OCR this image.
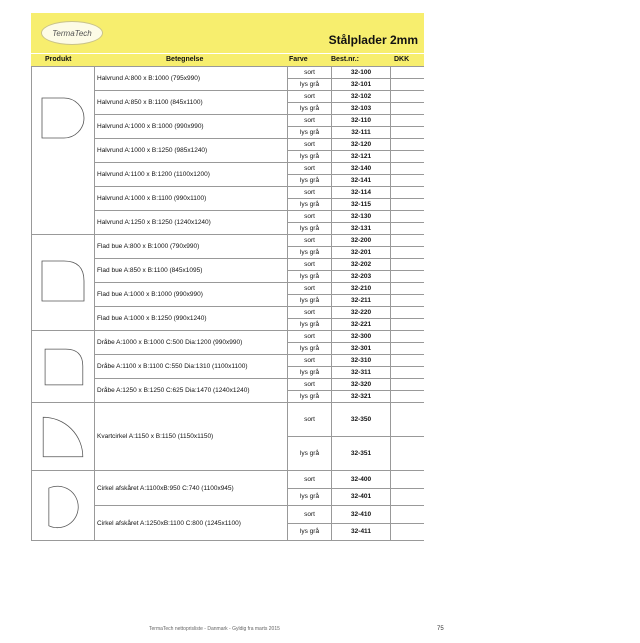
TermaTech	Stålplader 2mm
Produkt	Betegnelse	Farve	Best.nr.:	DKK
	Halvrund A:800 x B:1000 (795x990)	sort	32-100	
		lys grå	32-101	
	Halvrund A:850 x B:1100 (845x1100)	sort	32-102	
		lys grå	32-103	
	Halvrund A:1000 x B:1000 (990x990)	sort	32-110	
		lys grå	32-111	
	Halvrund A:1000 x B:1250 (985x1240)	sort	32-120	
		lys grå	32-121	
	Halvrund A:1100 x B:1200 (1100x1200)	sort	32-140	
		lys grå	32-141	
	Halvrund A:1000 x B:1100 (990x1100)	sort	32-114	
		lys grå	32-115	
	Halvrund A:1250 x B:1250 (1240x1240)	sort	32-130	
		lys grå	32-131	

	Flad bue A:800 x B:1000 (790x990)	sort	32-200	
		lys grå	32-201	
	Flad bue A:850 x B:1100 (845x1095)	sort	32-202	
		lys grå	32-203	
	Flad bue A:1000 x B:1000 (990x990)	sort	32-210	
		lys grå	32-211	
	Flad bue A:1000 x B:1250 (990x1240)	sort	32-220	
		lys grå	32-221	

	Dråbe A:1000 x B:1000 C:500 Dia:1200 (990x990)	sort	32-300	
		lys grå	32-301	
	Dråbe A:1100 x B:1100 C:550 Dia:1310 (1100x1100)	sort	32-310	
		lys grå	32-311	
	Dråbe A:1250 x B:1250 C:625 Dia:1470 (1240x1240)	sort	32-320	
		lys grå	32-321	

	Kvartcirkel A:1150 x B:1150 (1150x1150)	sort	32-350	
		lys grå	32-351	

	Cirkel afskåret A:1100xB:950 C:740 (1100x945)	sort	32-400	
		lys grå	32-401	
	Cirkel afskåret A:1250xB:1100 C:800 (1245x1100)	sort	32-410	
		lys grå	32-411	
TermaTech nettoprisliste - Danmark - Gyldig fra marts 2015	75
